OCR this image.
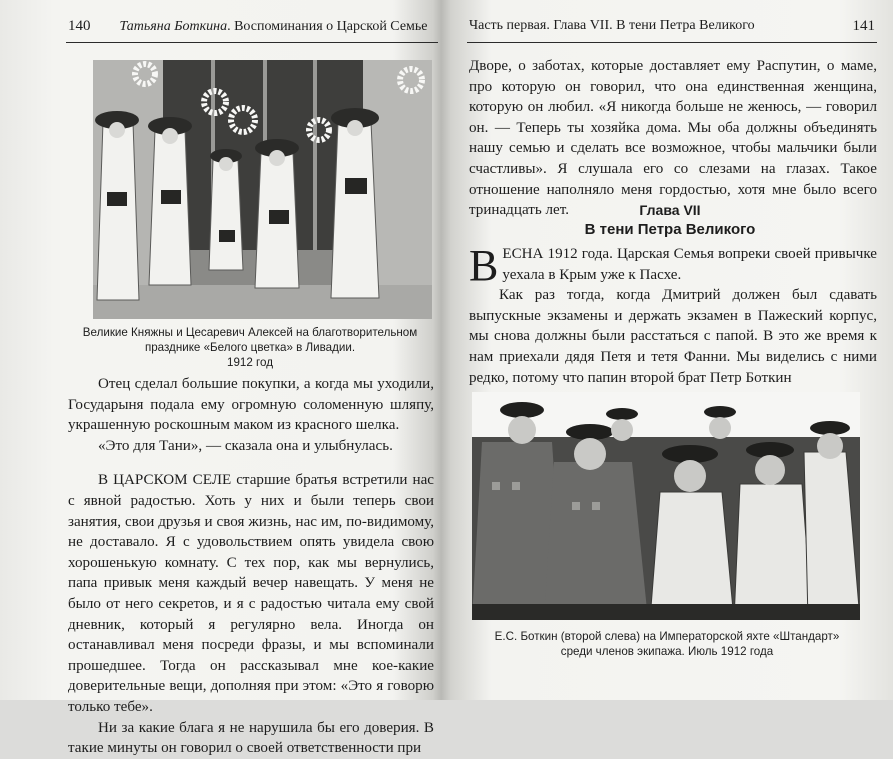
140 Татьяна Боткина. Воспоминания о Царской Семье
Великие Княжны и Цесаревич Алексей на благотворительном
празднике «Белого цветка» в Ливадии.
1912 год

Отец сделал большие покупки, а когда мы уходили, Государыня подала ему огромную соломенную шляпу, украшенную роскошным маком из красного шелка.

«Это для Тани», — сказала она и улыбнулась.

В ЦАРСКОМ СЕЛЕ старшие братья встретили нас с явной радостью. Хоть у них и были теперь свои занятия, свои друзья и своя жизнь, нас им, по-видимому, не доставало. Я с удовольствием опять увидела свою хорошенькую комнату. С тех пор, как мы вернулись, папа привык меня каждый вечер навещать. У меня не было от него секретов, и я с радостью читала ему свой дневник, который я регулярно вела. Иногда он останавливал меня посреди фразы, и мы вспоминали прошедшее. Тогда он рассказывал мне кое-какие доверительные вещи, дополняя при этом: «Это я говорю только тебе».

Ни за какие блага я не нарушила бы его доверия. В такие минуты он говорил о своей ответственности при

Часть первая. Глава VII. В тени Петра Великого	141

Дворе, о заботах, которые доставляет ему Распутин, о маме, про которую он говорил, что она единственная женщина, которую он любил. «Я никогда больше не женюсь, — говорил он. — Теперь ты хозяйка дома. Мы оба должны объединять нашу семью и сделать все возможное, чтобы мальчики были счастливы». Я слушала его со слезами на глазах. Такое отношение наполняло меня гордостью, хотя мне было всего тринадцать лет.	Глава VII
В тени Петра Великого

ВЕСНА 1912 года. Царская Семья вопреки своей привычке уехала в Крым уже к Пасхе.

Как раз тогда, когда Дмитрий должен был сдавать выпускные экзамены и держать экзамен в Пажеский корпус, мы снова должны были расстаться с папой. В это же время к нам приехали дядя Петя и тетя Фанни. Мы виделись с ними редко, потому что папин второй брат Петр Боткин

Е.С. Боткин (второй слева) на Императорской яхте «Штандарт»
среди членов экипажа. Июль 1912 года
